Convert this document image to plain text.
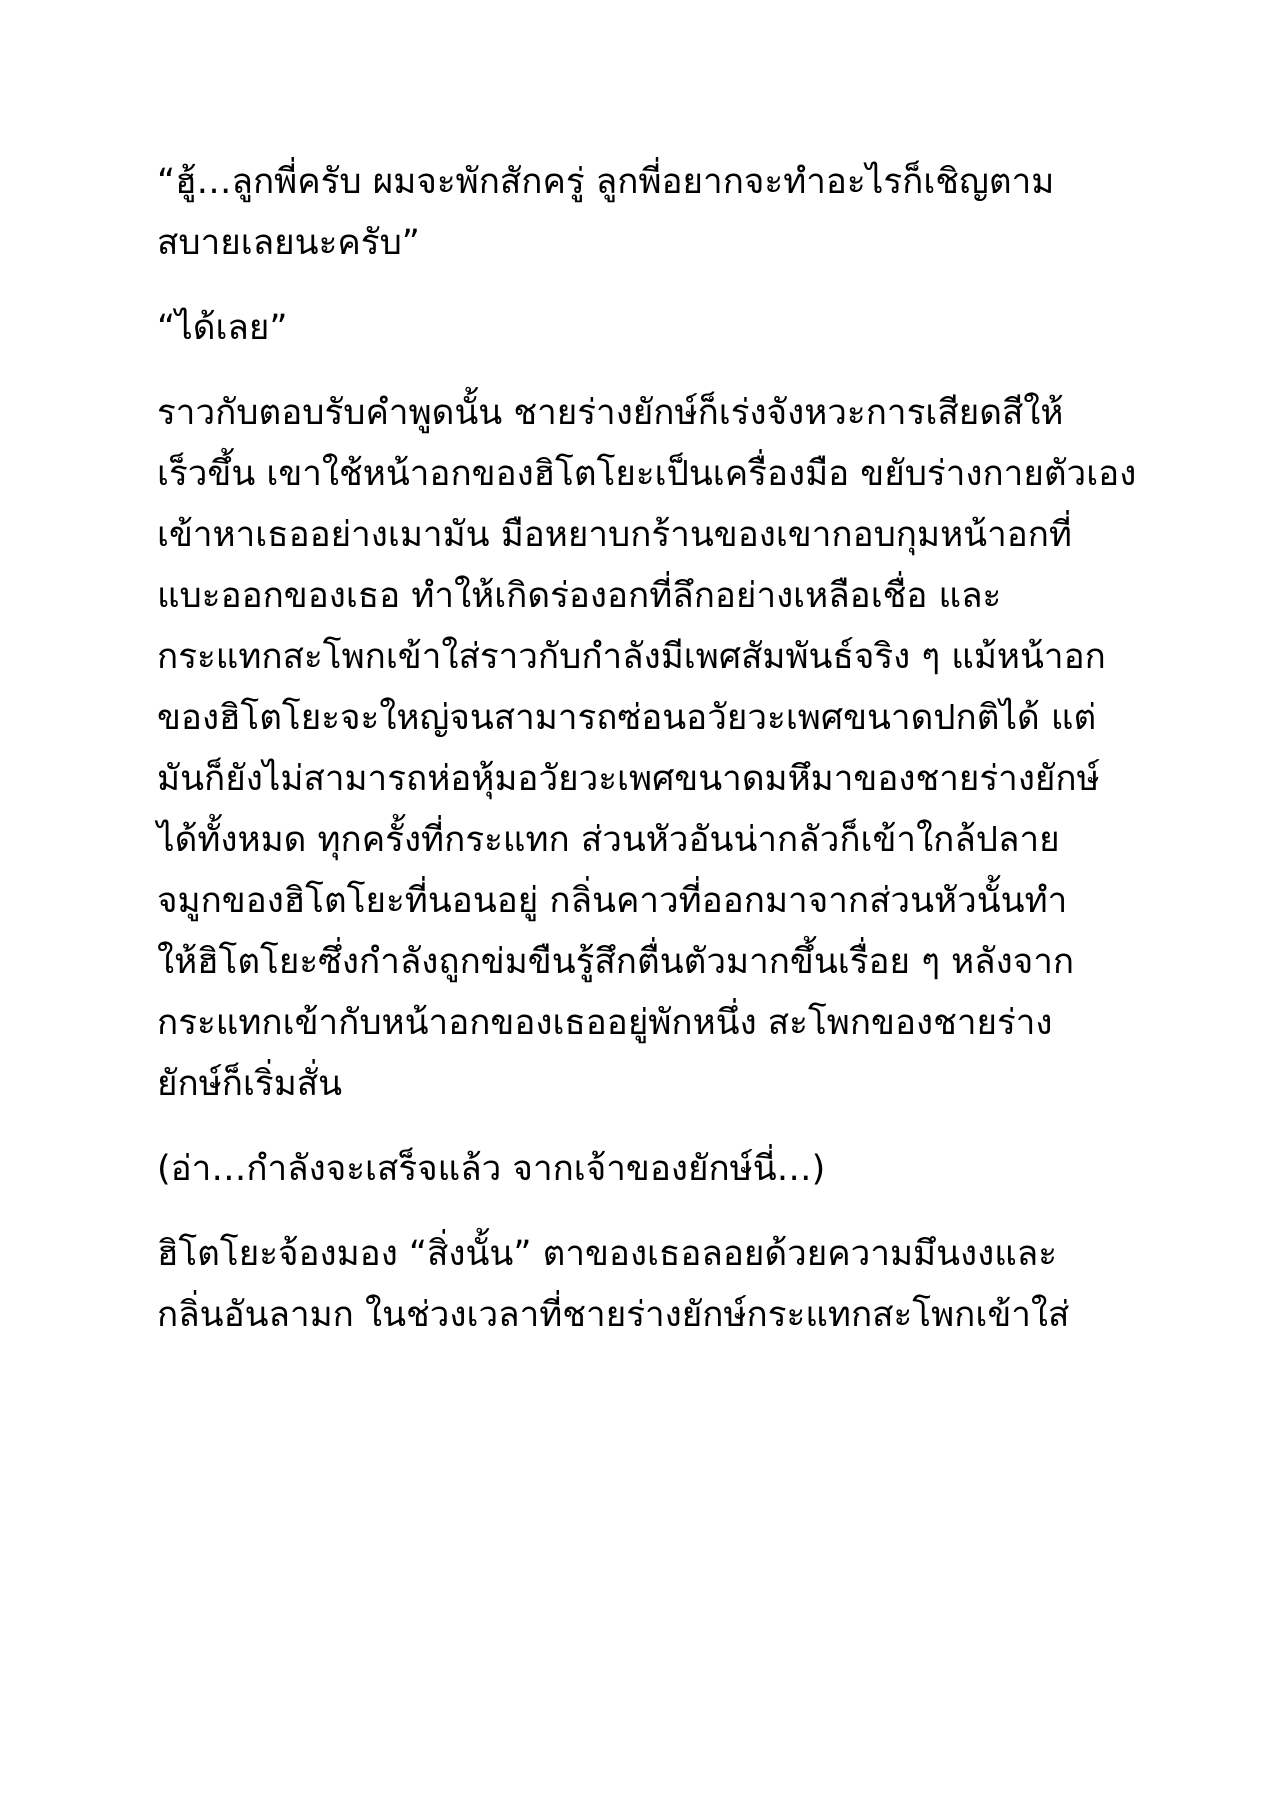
“ฮู้…ลูกพี่ครับ ผมจะพักสักครู่ ลูกพี่อยากจะทำอะไรก็เชิญตาม
สบายเลยนะครับ”

“ได้เลย”

ราวกับตอบรับคำพูดนั้น ชายร่างยักษ์ก็เร่งจังหวะการเสียดสีให้
เร็วขึ้น เขาใช้หน้าอกของฮิโตโยะเป็นเครื่องมือ ขยับร่างกายตัวเอง
เข้าหาเธออย่างเมามัน มือหยาบกร้านของเขากอบกุมหน้าอกที่
แบะออกของเธอ ทำให้เกิดร่องอกที่ลึกอย่างเหลือเชื่อ และ
กระแทกสะโพกเข้าใส่ราวกับกำลังมีเพศสัมพันธ์จริง ๆ แม้หน้าอก
ของฮิโตโยะจะใหญ่จนสามารถซ่อนอวัยวะเพศขนาดปกติได้ แต่
มันก็ยังไม่สามารถห่อหุ้มอวัยวะเพศขนาดมหึมาของชายร่างยักษ์
ได้ทั้งหมด ทุกครั้งที่กระแทก ส่วนหัวอันน่ากลัวก็เข้าใกล้ปลาย
จมูกของฮิโตโยะที่นอนอยู่ กลิ่นคาวที่ออกมาจากส่วนหัวนั้นทำ
ให้ฮิโตโยะซึ่งกำลังถูกข่มขืนรู้สึกตื่นตัวมากขึ้นเรื่อย ๆ หลังจาก
กระแทกเข้ากับหน้าอกของเธออยู่พักหนึ่ง สะโพกของชายร่าง
ยักษ์ก็เริ่มสั่น

(อ่า…กำลังจะเสร็จแล้ว จากเจ้าของยักษ์นี่…)

ฮิโตโยะจ้องมอง “สิ่งนั้น” ตาของเธอลอยด้วยความมึนงงและ
กลิ่นอันลามก ในช่วงเวลาที่ชายร่างยักษ์กระแทกสะโพกเข้าใส่
